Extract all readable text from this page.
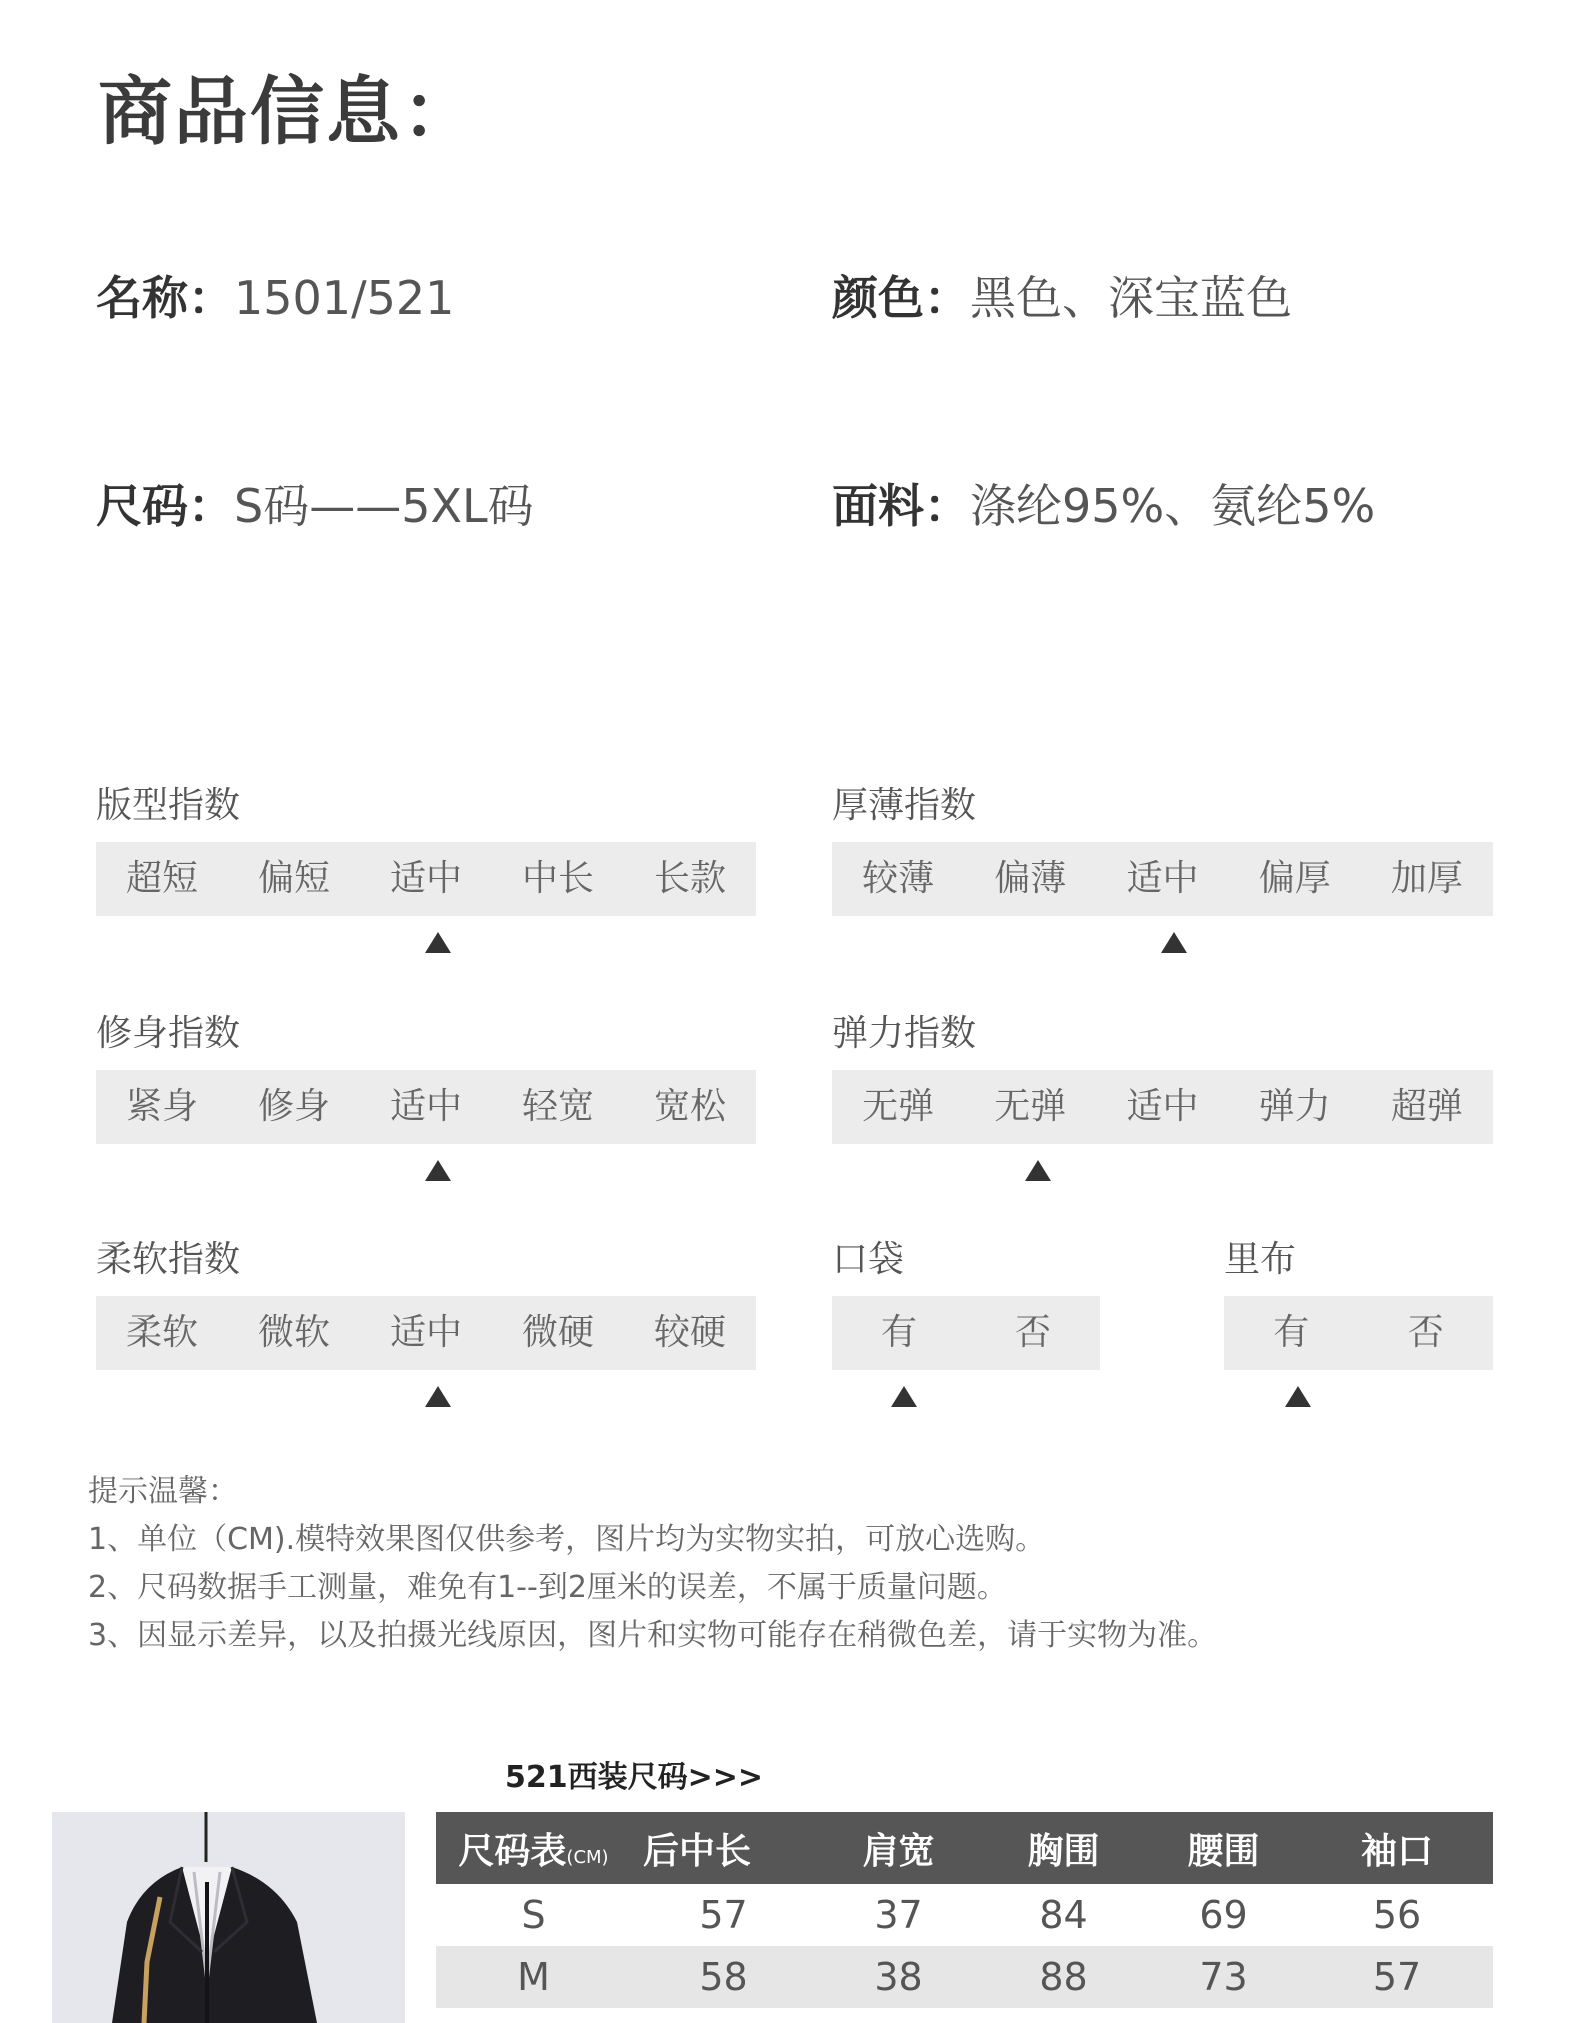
商品信息：
名称：1501/521	颜色：黑色、深宝蓝色
尺码：S码——5XL码	面料：涤纶95%、氨纶5%
版型指数
超短	偏短	适中	中长	长款
厚薄指数
较薄	偏薄	适中	偏厚	加厚
修身指数
紧身	修身	适中	轻宽	宽松
弹力指数
无弹	无弹	适中	弹力	超弹
柔软指数
柔软	微软	适中	微硬	较硬
口袋
有	否
里布
有	否
提示温馨：
1、单位（CM).模特效果图仅供参考，图片均为实物实拍，可放心选购。
2、尺码数据手工测量，难免有1--到2厘米的误差，不属于质量问题。
3、因显示差异，以及拍摄光线原因，图片和实物可能存在稍微色差，请于实物为准。
521西装尺码>>>
尺码表(CM)	后中长	肩宽	胸围	腰围	袖口
S	57	37	84	69	56
M	58	38	88	73	57
